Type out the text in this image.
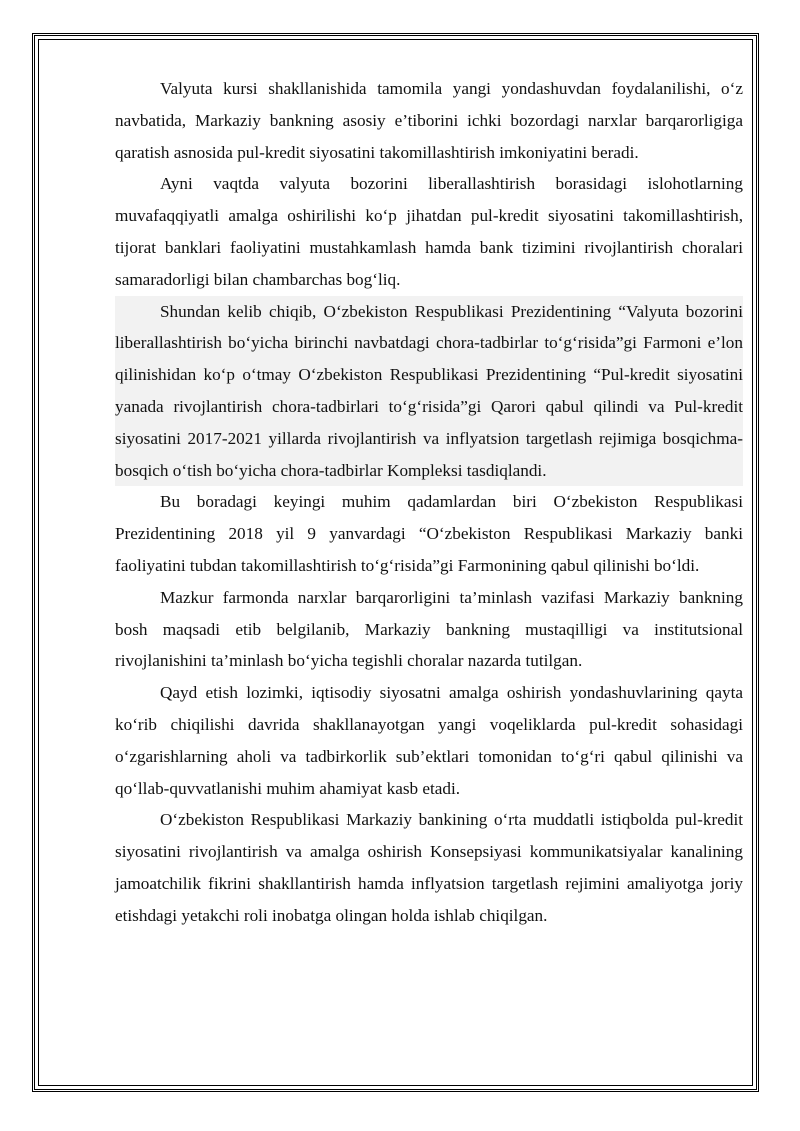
Valyuta kursi shakllanishida tamomila yangi yondashuvdan foydalanilishi, o‘z navbatida, Markaziy bankning asosiy e’tiborini ichki bozordagi narxlar barqarorligiga qaratish asnosida pul-kredit siyosatini takomillashtirish imkoniyatini beradi.

Ayni vaqtda valyuta bozorini liberallashtirish borasidagi islohotlarning muvafaqqiyatli amalga oshirilishi ko‘p jihatdan pul-kredit siyosatini takomillashtirish, tijorat banklari faoliyatini mustahkamlash hamda bank tizimini rivojlantirish choralari samaradorligi bilan chambarchas bog‘liq.

Shundan kelib chiqib, O‘zbekiston Respublikasi Prezidentining “Valyuta bozorini liberallashtirish bo‘yicha birinchi navbatdagi chora-tadbirlar to‘g‘risida”gi Farmoni e’lon qilinishidan ko‘p o‘tmay O‘zbekiston Respublikasi Prezidentining “Pul-kredit siyosatini yanada rivojlantirish chora-tadbirlari to‘g‘risida”gi Qarori qabul qilindi va Pul-kredit siyosatini 2017-2021 yillarda rivojlantirish va inflyatsion targetlash rejimiga bosqichma-bosqich o‘tish bo‘yicha chora-tadbirlar Kompleksi tasdiqlandi.

Bu boradagi keyingi muhim qadamlardan biri O‘zbekiston Respublikasi Prezidentining 2018 yil 9 yanvardagi “O‘zbekiston Respublikasi Markaziy banki faoliyatini tubdan takomillashtirish to‘g‘risida”gi Farmonining qabul qilinishi bo‘ldi.

Mazkur farmonda narxlar barqarorligini ta’minlash vazifasi Markaziy bankning bosh maqsadi etib belgilanib, Markaziy bankning mustaqilligi va institutsional rivojlanishini ta’minlash bo‘yicha tegishli choralar nazarda tutilgan.

Qayd etish lozimki, iqtisodiy siyosatni amalga oshirish yondashuvlarining qayta ko‘rib chiqilishi davrida shakllanayotgan yangi voqeliklarda pul-kredit sohasidagi o‘zgarishlarning aholi va tadbirkorlik sub’ektlari tomonidan to‘g‘ri qabul qilinishi va qo‘llab-quvvatlanishi muhim ahamiyat kasb etadi.

O‘zbekiston Respublikasi Markaziy bankining o‘rta muddatli istiqbolda pul-kredit siyosatini rivojlantirish va amalga oshirish Konsepsiyasi kommunikatsiyalar kanalining jamoatchilik fikrini shakllantirish hamda inflyatsion targetlash rejimini amaliyotga joriy etishdagi yetakchi roli inobatga olingan holda ishlab chiqilgan.
